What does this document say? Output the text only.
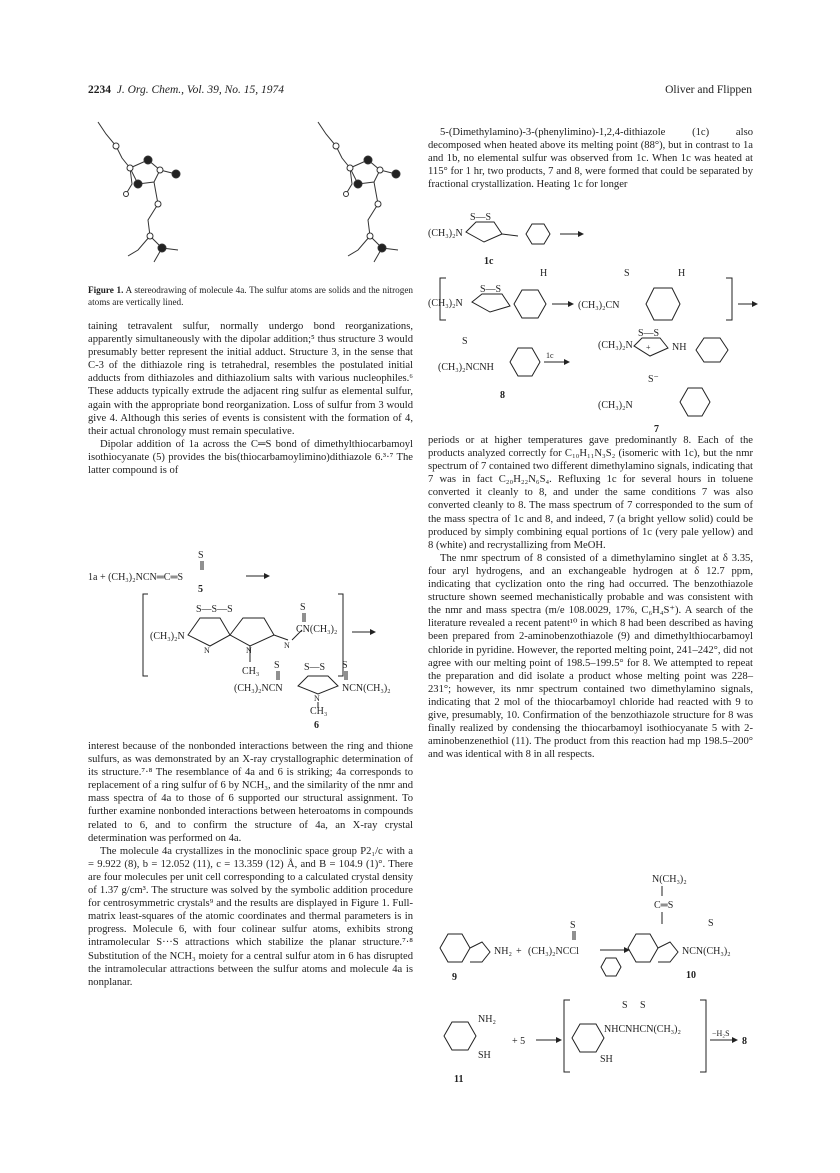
2234 J. Org. Chem., Vol. 39, No. 15, 1974	Oliver and Flippen
Figure 1. A stereodrawing of molecule 4a. The sulfur atoms are solids and the nitrogen atoms are vertically lined.

taining tetravalent sulfur, normally undergo bond reorganizations, apparently simultaneously with the dipolar addition;⁵ thus structure 3 would presumably better represent the initial adduct. Structure 3, in the sense that C-3 of the dithiazole ring is tetrahedral, resembles the postulated initial adducts from dithiazoles and dithiazolium salts with various nucleophiles.⁶ These adducts typically extrude the adjacent ring sulfur as elemental sulfur, again with the appropriate bond reorganization. Loss of sulfur from 3 would give 4. Although this series of events is consistent with the formation of 4, their actual chronology must remain speculative.

Dipolar addition of 1a across the C═S bond of dimethylthiocarbamoyl isothiocyanate (5) provides the bis(thiocarbamoylimino)dithiazole 6.³·⁷ The latter compound is of

S
1a + (CH₃)₂NCN═C═S
5
(CH₃)₂N
S—S—S
N	N
CH₃
N
S
CN(CH₃)₂
S	S
S—S
(CH₃)₂NCN
N
NCN(CH₃)₂
CH₃
6

interest because of the nonbonded interactions between the ring and thione sulfurs, as was demonstrated by an X-ray crystallographic determination of its structure.⁷·⁸ The resemblance of 4a and 6 is striking; 4a corresponds to replacement of a ring sulfur of 6 by NCH₃, and the similarity of the nmr and mass spectra of 4a to those of 6 supported our structural assignment. To further examine nonbonded interactions between heteroatoms in compounds related to 6, and to confirm the structure of 4a, an X-ray crystal determination was performed on 4a.

The molecule 4a crystallizes in the monoclinic space group P2₁/c with a = 9.922 (8), b = 12.052 (11), c = 13.359 (12) Å, and B = 104.9 (1)°. There are four molecules per unit cell corresponding to a calculated crystal density of 1.37 g/cm³. The structure was solved by the symbolic addition procedure for centrosymmetric crystals⁹ and the results are displayed in Figure 1. Full-matrix least-squares of the atomic coordinates and thermal parameters is in progress. Molecule 6, with four colinear sulfur atoms, exhibits strong intramolecular S···S attractions which stabilize the planar structure.⁷·⁸ Substitution of the NCH₃ moiety for a central sulfur atom in 6 has disrupted the intramolecular attractions between the sulfur atoms and molecule 4a is nonplanar.

5-(Dimethylamino)-3-(phenylimino)-1,2,4-dithiazole (1c) also decomposed when heated above its melting point (88°), but in contrast to 1a and 1b, no elemental sulfur was observed from 1c. When 1c was heated at 115° for 1 hr, two products, 7 and 8, were formed that could be separated by fractional crystallization. Heating 1c for longer

(CH₃)₂N
S—S
1c
(CH₃)₂N
S—S
H	S
(CH₃)₂CN
H
S
(CH₃)₂NCNH
8
1c
(CH₃)₂N
S—S
+ NH
S⁻
(CH₃)₂N
7

periods or at higher temperatures gave predominantly 8. Each of the products analyzed correctly for C₁₀H₁₁N₃S₂ (isomeric with 1c), but the nmr spectrum of 7 contained two different dimethylamino signals, indicating that 7 was in fact C₂₀H₂₂N₆S₄. Refluxing 1c for several hours in toluene converted it cleanly to 8, and under the same conditions 7 was also converted cleanly to 8. The mass spectrum of 7 corresponded to the sum of the mass spectra of 1c and 8, and indeed, 7 (a bright yellow solid) could be produced by simply combining equal portions of 1c (very pale yellow) and 8 (white) and recrystallizing from MeOH.

The nmr spectrum of 8 consisted of a dimethylamino singlet at δ 3.35, four aryl hydrogens, and an exchangeable hydrogen at δ 12.7 ppm, indicating that cyclization onto the ring had occurred. The benzothiazole structure shown seemed mechanistically probable and was consistent with the nmr and mass spectra (m/e 108.0029, 17%, C₆H₄S⁺). A search of the literature revealed a recent patent¹⁰ in which 8 had been described as having been prepared from 2-aminobenzothiazole (9) and dimethylthiocarbamoyl chloride in pyridine. However, the reported melting point, 241–242°, did not agree with our melting point of 198.5–199.5° for 8. We attempted to repeat the preparation and did isolate a product whose melting point was 228–231°; however, its nmr spectrum contained two dimethylamino signals, indicating that 2 mol of the thiocarbamoyl chloride had reacted with 9 to give, presumably, 10. Confirmation of the benzothiazole structure for 8 was finally realized by condensing the thiocarbamoyl isothiocyanate 5 with 2-aminobenzenethiol (11). The product from this reaction had mp 198.5–200° and was identical with 8 in all respects.

N(CH₃)₂
C═S
S
S
NH₂ + (CH₃)₂NCCl
9
NCN(CH₃)₂
10
NH₂
SH
11
+ 5
S S
NHCNHCN(CH₃)₂
SH
−H₂S
8
